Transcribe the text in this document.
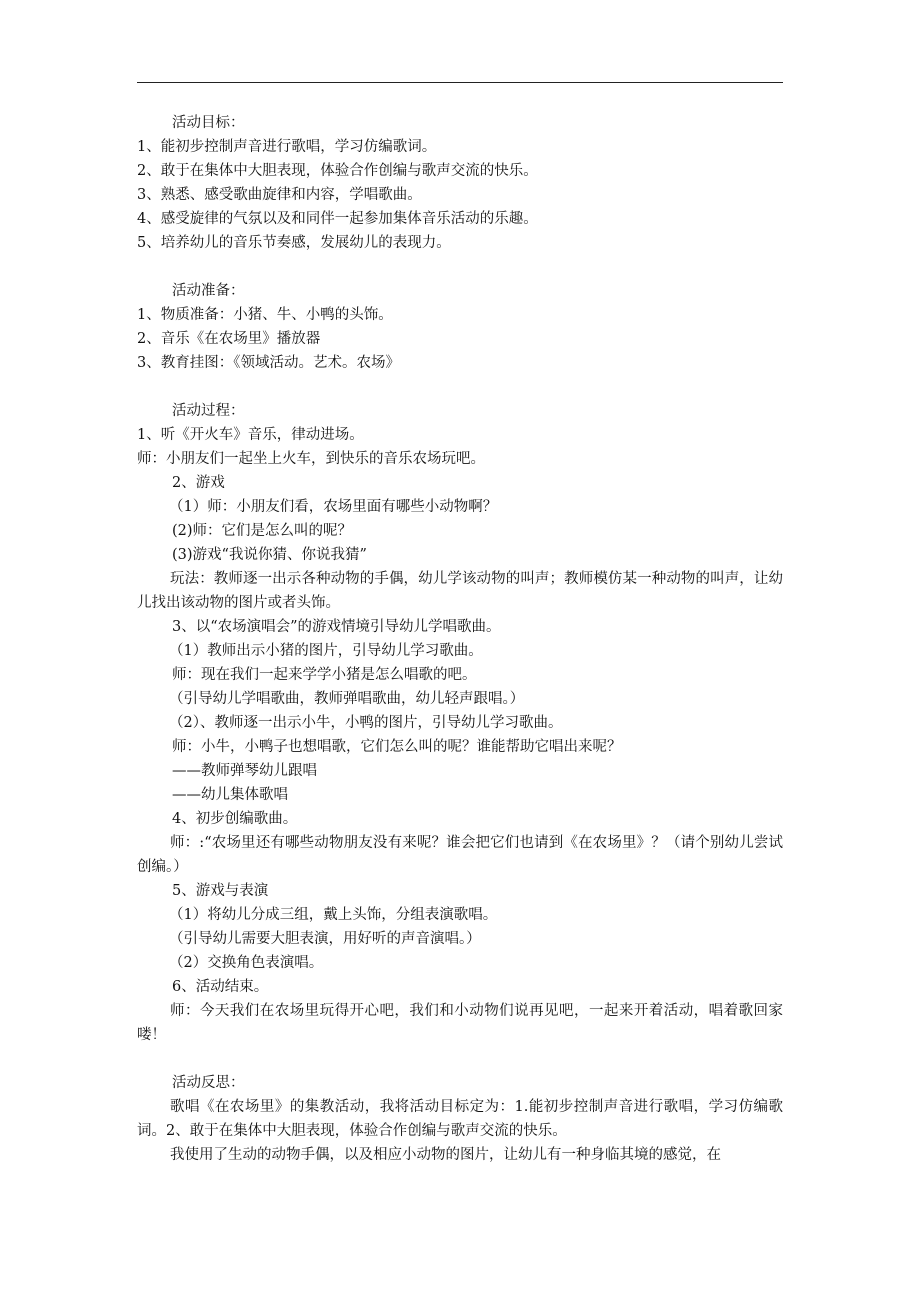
活动目标：
1、能初步控制声音进行歌唱，学习仿编歌词。
2、敢于在集体中大胆表现，体验合作创编与歌声交流的快乐。
3、熟悉、感受歌曲旋律和内容，学唱歌曲。
4、感受旋律的气氛以及和同伴一起参加集体音乐活动的乐趣。
5、培养幼儿的音乐节奏感，发展幼儿的表现力。
活动准备：
1、物质准备：小猪、牛、小鸭的头饰。
2、音乐《在农场里》播放器
3、教育挂图：《领域活动。艺术。农场》
活动过程：
1、听《开火车》音乐，律动进场。
师：小朋友们一起坐上火车，到快乐的音乐农场玩吧。
2、游戏
（1）师：小朋友们看，农场里面有哪些小动物啊？
(2)师：它们是怎么叫的呢？
(3)游戏“我说你猜、你说我猜”
玩法：教师逐一出示各种动物的手偶，幼儿学该动物的叫声；教师模仿某一种动物的叫声，让幼儿找出该动物的图片或者头饰。
3、以“农场演唱会”的游戏情境引导幼儿学唱歌曲。
（1）教师出示小猪的图片，引导幼儿学习歌曲。
师：现在我们一起来学学小猪是怎么唱歌的吧。
（引导幼儿学唱歌曲，教师弹唱歌曲，幼儿轻声跟唱。）
（2）、教师逐一出示小牛，小鸭的图片，引导幼儿学习歌曲。
师：小牛，小鸭子也想唱歌，它们怎么叫的呢？谁能帮助它唱出来呢？
——教师弹琴幼儿跟唱
——幼儿集体歌唱
4、初步创编歌曲。
师：:“农场里还有哪些动物朋友没有来呢？谁会把它们也请到《在农场里》？（请个别幼儿尝试创编。）
5、游戏与表演
（1）将幼儿分成三组，戴上头饰，分组表演歌唱。
（引导幼儿需要大胆表演，用好听的声音演唱。）
（2）交换角色表演唱。
6、活动结束。
师：今天我们在农场里玩得开心吧，我们和小动物们说再见吧，一起来开着活动，唱着歌回家喽！
活动反思：
歌唱《在农场里》的集教活动，我将活动目标定为：1.能初步控制声音进行歌唱，学习仿编歌词。2、敢于在集体中大胆表现，体验合作创编与歌声交流的快乐。
我使用了生动的动物手偶，以及相应小动物的图片，让幼儿有一种身临其境的感觉，在
